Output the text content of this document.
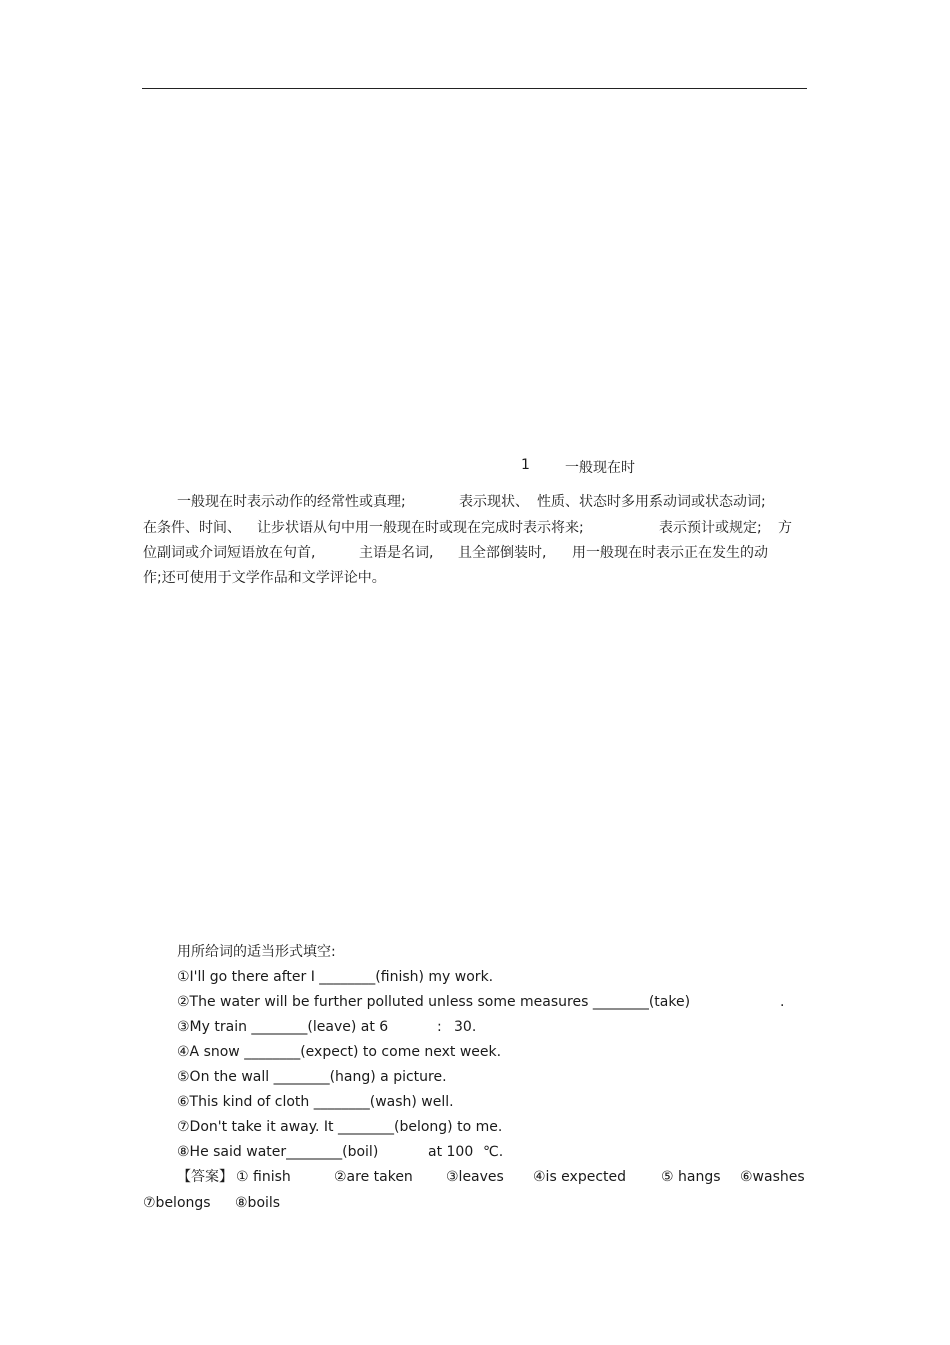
1	一般现在时
一般现在时表示动作的经常性或真理;	表示现状、 性质、状态时多用系动词或状态动词;
在条件、时间、 让步状语从句中用一般现在时或现在完成时表示将来;	表示预计或规定; 方
位副词或介词短语放在句首,	主语是名词, 且全部倒装时, 用一般现在时表示正在发生的动
作;还可使用于文学作品和文学评论中。
用所给词的适当形式填空:
①I'll go there after I ________(finish) my work.
②The water will be further polluted unless some measures ________(take)	.
③My train ________(leave) at 6	: 30.
④A snow ________(expect) to come next week.
⑤On the wall ________(hang) a picture.
⑥This kind of cloth ________(wash) well.
⑦Don't take it away. It ________(belong) to me.
⑧He said water________(boil)	at 100 ℃.
【答案】 ① finish	②are taken ③leaves ④is expected ⑤ hangs ⑥washes
⑦belongs ⑧boils
